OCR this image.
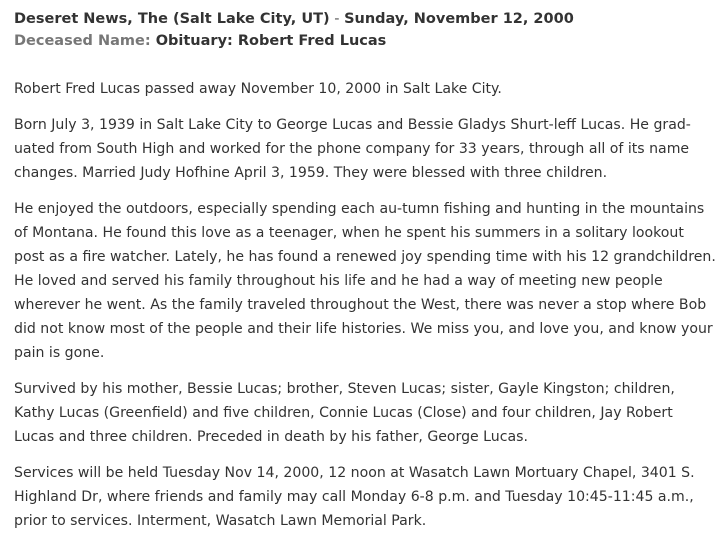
Deseret News, The (Salt Lake City, UT) - Sunday, November 12, 2000
Deceased Name: Obituary: Robert Fred Lucas

Robert Fred Lucas passed away November 10, 2000 in Salt Lake City.

Born July 3, 1939 in Salt Lake City to George Lucas and Bessie Gladys Shurt-leff Lucas. He grad-uated from South High and worked for the phone company for 33 years, through all of its name changes. Married Judy Hofhine April 3, 1959. They were blessed with three children.

He enjoyed the outdoors, especially spending each au-tumn fishing and hunting in the mountains of Montana. He found this love as a teenager, when he spent his summers in a solitary lookout post as a fire watcher. Lately, he has found a renewed joy spending time with his 12 grandchildren. He loved and served his family throughout his life and he had a way of meeting new people wherever he went. As the family traveled throughout the West, there was never a stop where Bob did not know most of the people and their life histories. We miss you, and love you, and know your pain is gone.

Survived by his mother, Bessie Lucas; brother, Steven Lucas; sister, Gayle Kingston; children, Kathy Lucas (Greenfield) and five children, Connie Lucas (Close) and four children, Jay Robert Lucas and three children. Preceded in death by his father, George Lucas.

Services will be held Tuesday Nov 14, 2000, 12 noon at Wasatch Lawn Mortuary Chapel, 3401 S. Highland Dr, where friends and family may call Monday 6-8 p.m. and Tuesday 10:45-11:45 a.m., prior to services. Interment, Wasatch Lawn Memorial Park.
